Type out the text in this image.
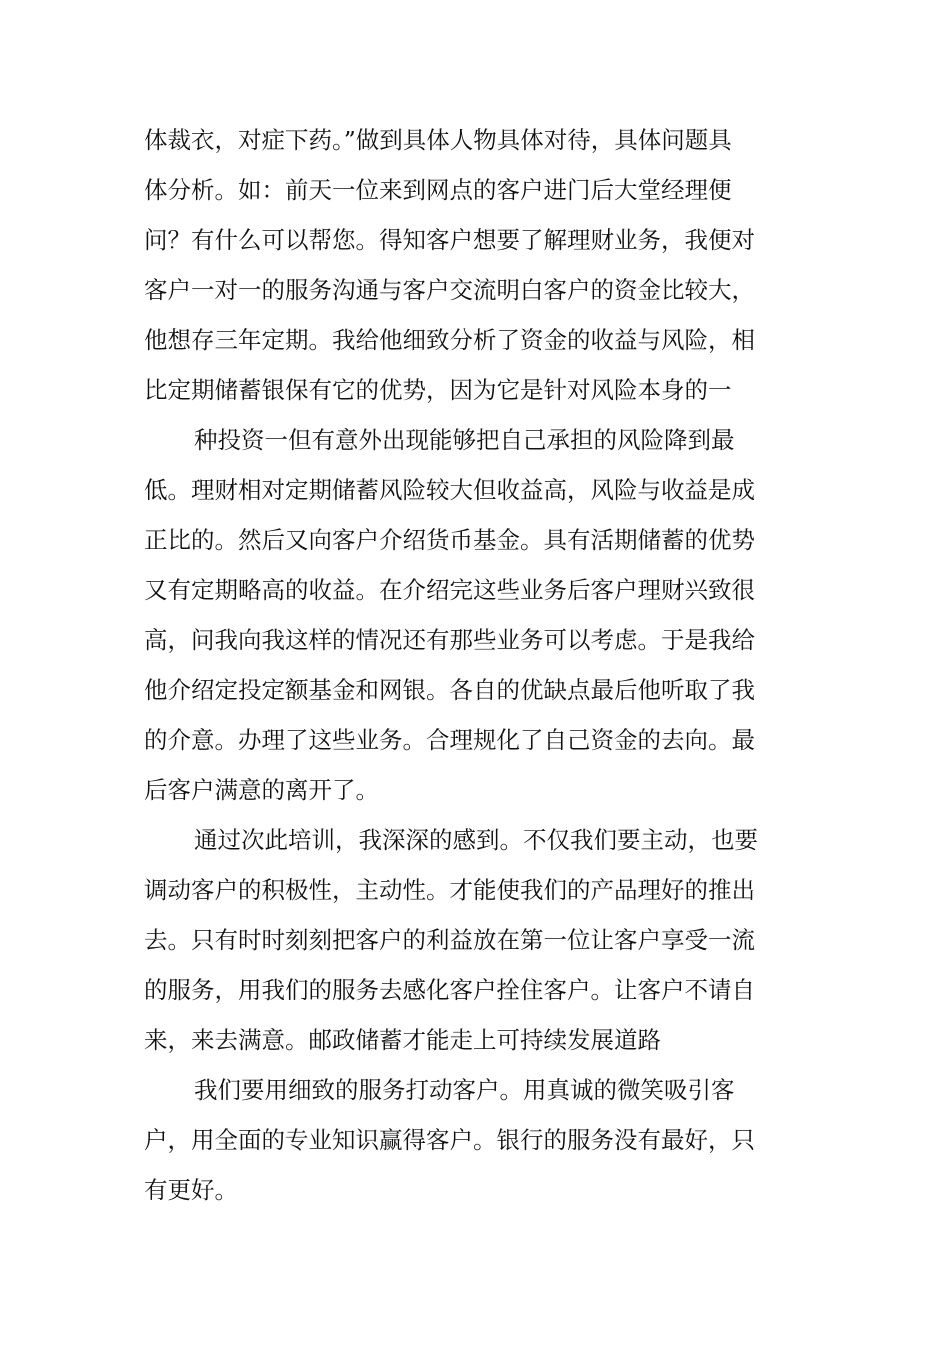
体裁衣，对症下药。”做到具体人物具体对待，具体问题具
体分析。如：前天一位来到网点的客户进门后大堂经理便
问？有什么可以帮您。得知客户想要了解理财业务，我便对
客户一对一的服务沟通与客户交流明白客户的资金比较大，
他想存三年定期。我给他细致分析了资金的收益与风险，相
比定期储蓄银保有它的优势，因为它是针对风险本身的一
种投资一但有意外出现能够把自己承担的风险降到最
低。理财相对定期储蓄风险较大但收益高，风险与收益是成
正比的。然后又向客户介绍货币基金。具有活期储蓄的优势
又有定期略高的收益。在介绍完这些业务后客户理财兴致很
高，问我向我这样的情况还有那些业务可以考虑。于是我给
他介绍定投定额基金和网银。各自的优缺点最后他听取了我
的介意。办理了这些业务。合理规化了自己资金的去向。最
后客户满意的离开了。
通过次此培训，我深深的感到。不仅我们要主动，也要
调动客户的积极性，主动性。才能使我们的产品理好的推出
去。只有时时刻刻把客户的利益放在第一位让客户享受一流
的服务，用我们的服务去感化客户拴住客户。让客户不请自
来，来去满意。邮政储蓄才能走上可持续发展道路
我们要用细致的服务打动客户。用真诚的微笑吸引客
户，用全面的专业知识赢得客户。银行的服务没有最好，只
有更好。
